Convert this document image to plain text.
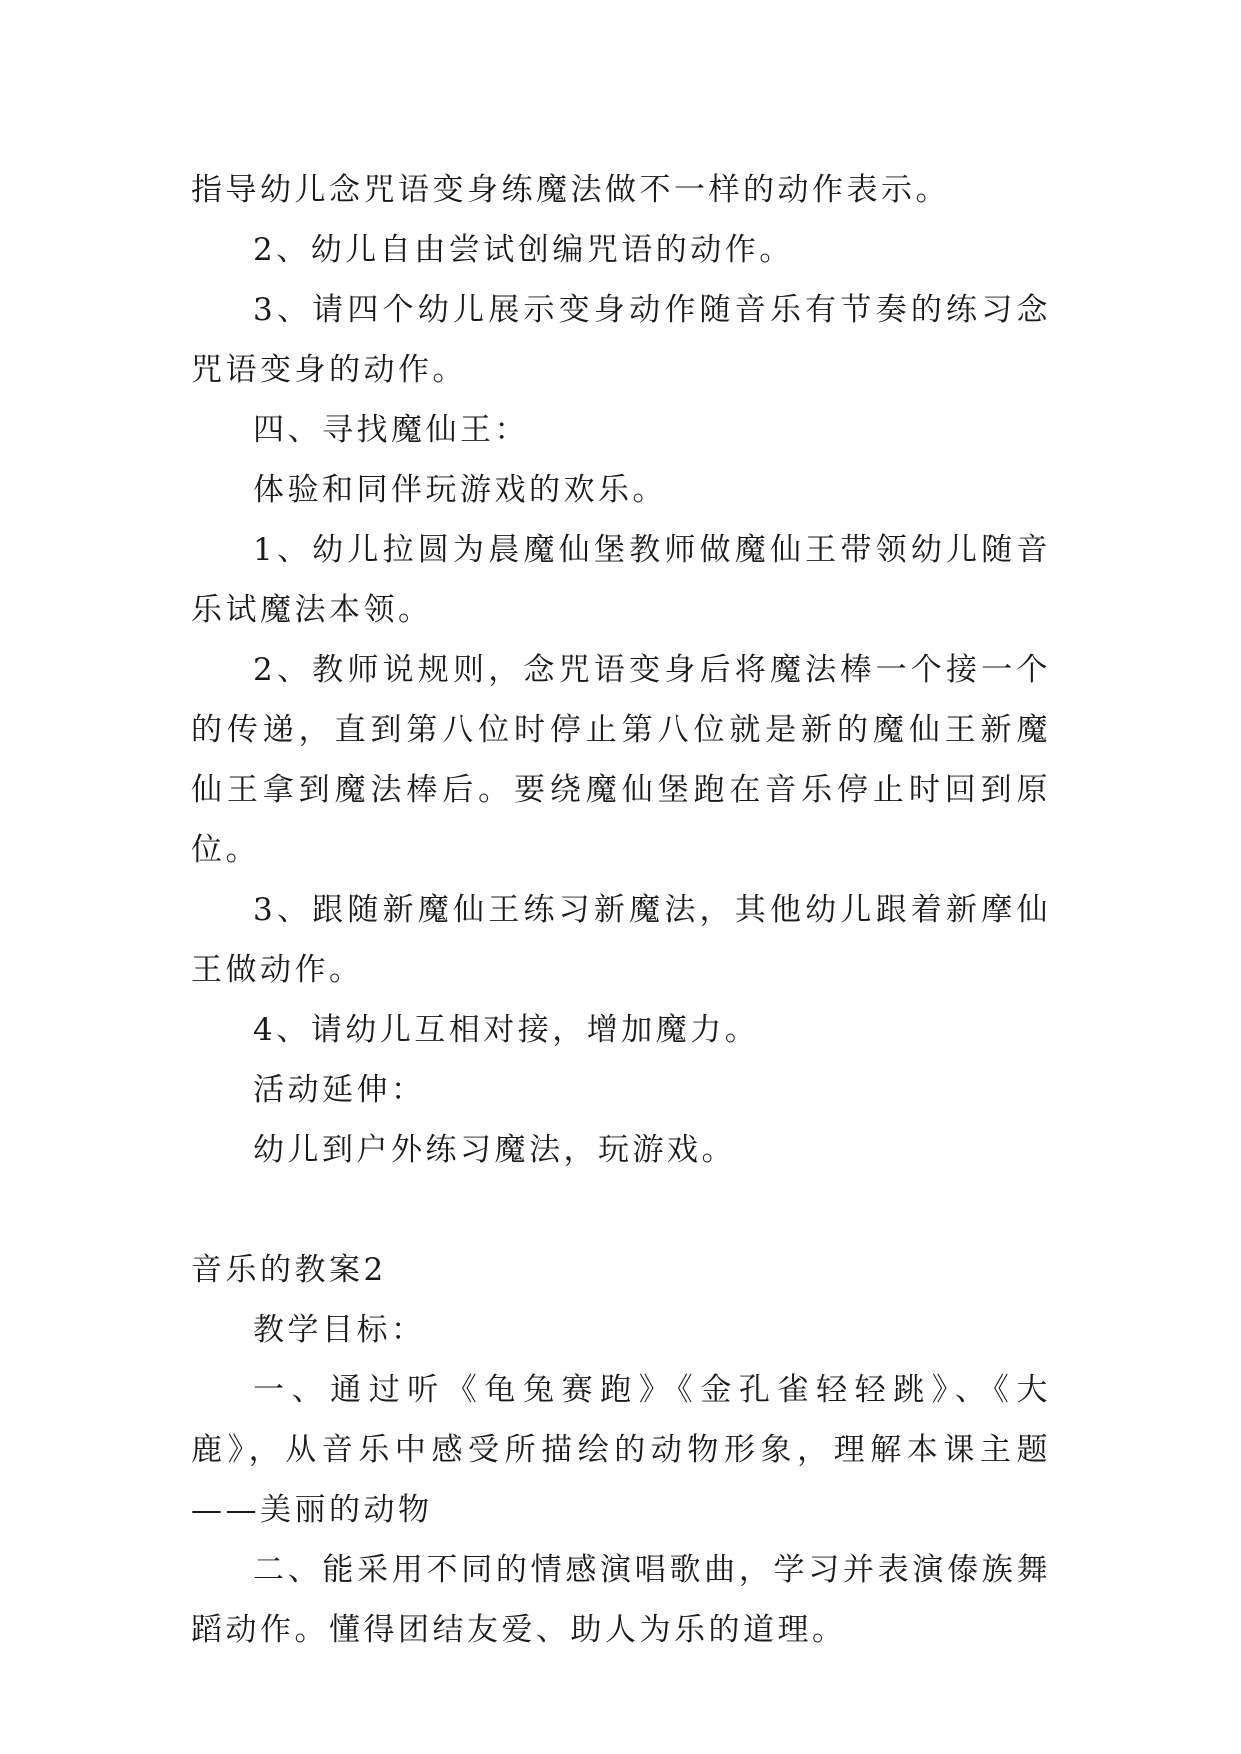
指导幼儿念咒语变身练魔法做不一样的动作表示。

2、幼儿自由尝试创编咒语的动作。

3、请四个幼儿展示变身动作随音乐有节奏的练习念咒语变身的动作。

四、寻找魔仙王：

体验和同伴玩游戏的欢乐。

1、幼儿拉圆为晨魔仙堡教师做魔仙王带领幼儿随音乐试魔法本领。

2、教师说规则，念咒语变身后将魔法棒一个接一个的传递，直到第八位时停止第八位就是新的魔仙王新魔仙王拿到魔法棒后。要绕魔仙堡跑在音乐停止时回到原位。

3、跟随新魔仙王练习新魔法，其他幼儿跟着新摩仙王做动作。

4、请幼儿互相对接，增加魔力。

活动延伸：

幼儿到户外练习魔法，玩游戏。

音乐的教案2

教学目标：

一、通过听《龟兔赛跑》《金孔雀轻轻跳》、《大鹿》，从音乐中感受所描绘的动物形象，理解本课主题——美丽的动物

二、能采用不同的情感演唱歌曲，学习并表演傣族舞蹈动作。懂得团结友爱、助人为乐的道理。
